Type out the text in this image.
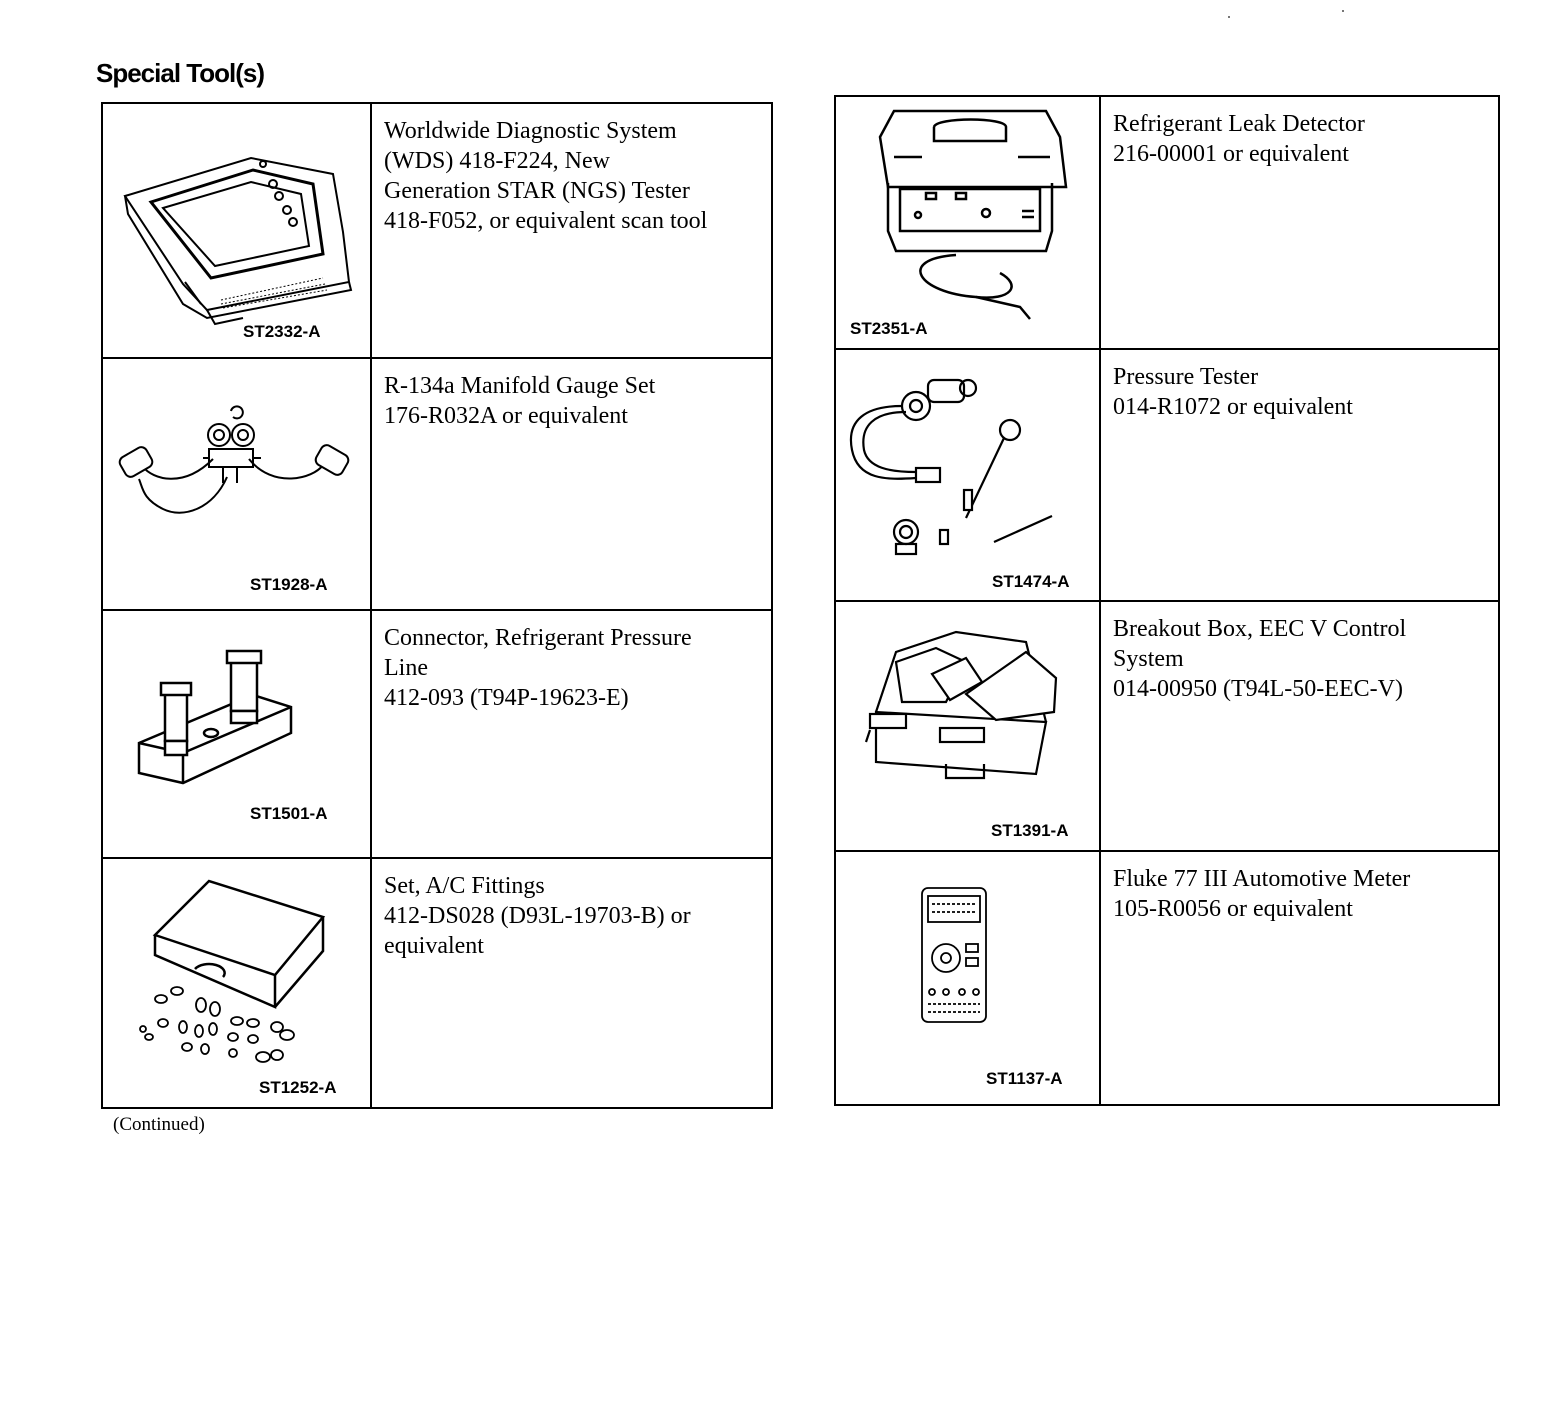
Special Tool(s)
ST2332-A	Worldwide Diagnostic System
(WDS) 418-F224, New
Generation STAR (NGS) Tester
418-F052, or equivalent scan tool

ST1928-A	R-134a Manifold Gauge Set
176-R032A or equivalent

ST1501-A	Connector, Refrigerant Pressure
Line
412-093 (T94P-19623-E)

ST1252-A	Set, A/C Fittings
412-DS028 (D93L-19703-B) or
equivalent
(Continued)
ST2351-A	Refrigerant Leak Detector
216-00001 or equivalent

ST1474-A	Pressure Tester
014-R1072 or equivalent

ST1391-A	Breakout Box, EEC V Control
System
014-00950 (T94L-50-EEC-V)

ST1137-A	Fluke 77 III Automotive Meter
105-R0056 or equivalent
